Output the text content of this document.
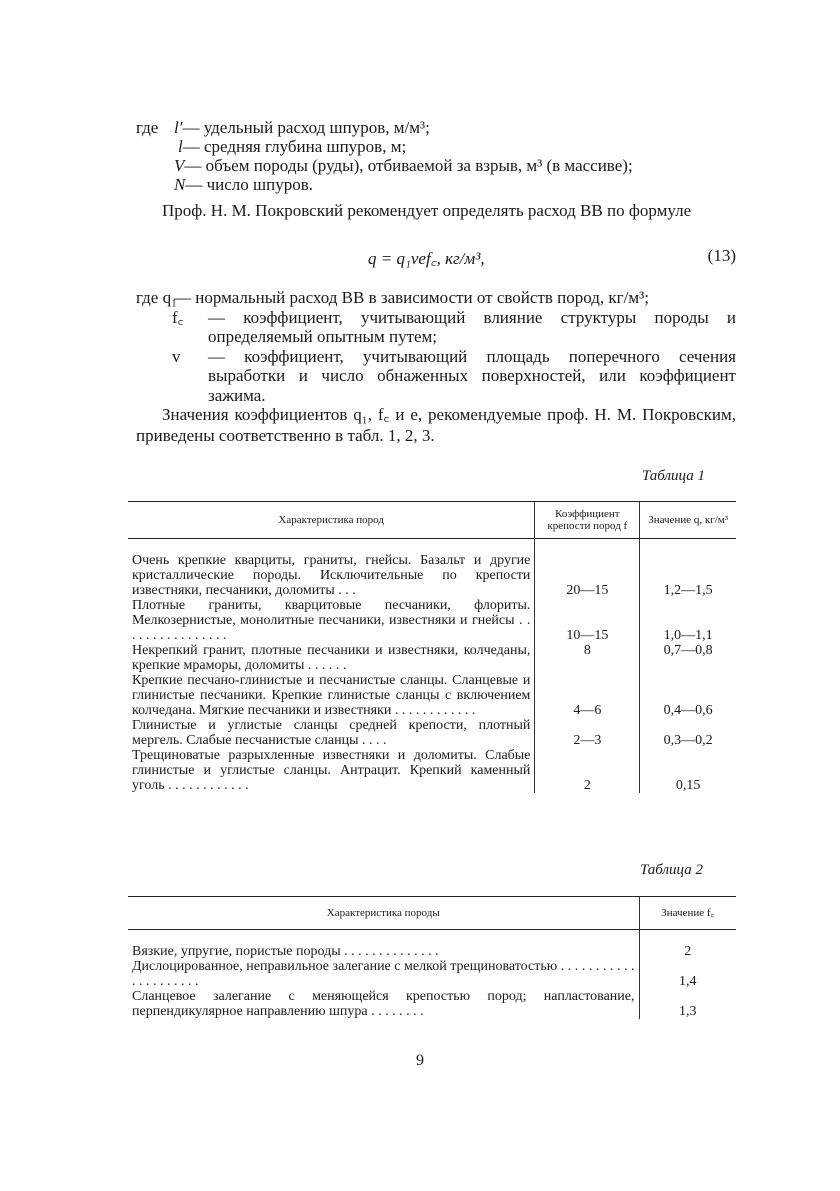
где l′ — удельный расход шпуров, м/м³;
l — средняя глубина шпуров, м;
V — объем породы (руды), отбиваемой за взрыв, м³ (в массиве);
N — число шпуров.
Проф. Н. М. Покровский рекомендует определять расход ВВ по формуле
q = q₁vef꜀, кг/м³,	(13)
где q₁
— нормальный расход ВВ в зависимости от свойств пород, кг/м³;
f꜀	— коэффициент, учитывающий влияние структуры породы и определяемый опытным путем;
v	— коэффициент, учитывающий площадь поперечного сечения выработки и число обнаженных поверхностей, или коэффициент зажима.
Значения коэффициентов q₁, f꜀ и e, рекомендуемые проф. Н. М. Покровским, приведены соответственно в табл. 1, 2, 3.
Таблица 1
Характеристика пород	Коэффициент крепости пород f	Значение q, кг/м³

Очень крепкие кварциты, граниты, гнейсы. Базальт и другие кристаллические породы. Исключительные по крепости известняки, песчаники, доломиты . . .	20—15	1,2—1,5
Плотные граниты, кварцитовые песчаники, флориты. Мелкозернистые, монолитные песчаники, известняки и гнейсы . . . . . . . . . . . . . . . .	10—15	1,0—1,1
Некрепкий гранит, плотные песчаники и известняки, колчеданы, крепкие мраморы, доломиты . . . . . .	8	0,7—0,8
Крепкие песчано-глинистые и песчанистые сланцы. Сланцевые и глинистые песчаники. Крепкие глинистые сланцы с включением колчедана. Мягкие песчаники и известняки . . . . . . . . . . . .	4—6	0,4—0,6
Глинистые и углистые сланцы средней крепости, плотный мергель. Слабые песчанистые сланцы . . . .	2—3	0,3—0,2
Трещиноватые разрыхленные известняки и доломиты. Слабые глинистые и углистые сланцы. Антрацит. Крепкий каменный уголь . . . . . . . . . . . .	2	0,15
Таблица 2
Характеристика породы	Значение f꜀

Вязкие, упругие, пористые породы . . . . . . . . . . . . . .	2
Дислоцированное, неправильное залегание с мелкой трещиноватостью . . . . . . . . . . . . . . . . . . . . .	1,4
Сланцевое залегание с меняющейся крепостью пород; напластование, перпендикулярное направлению шпура . . . . . . . .	1,3
9
